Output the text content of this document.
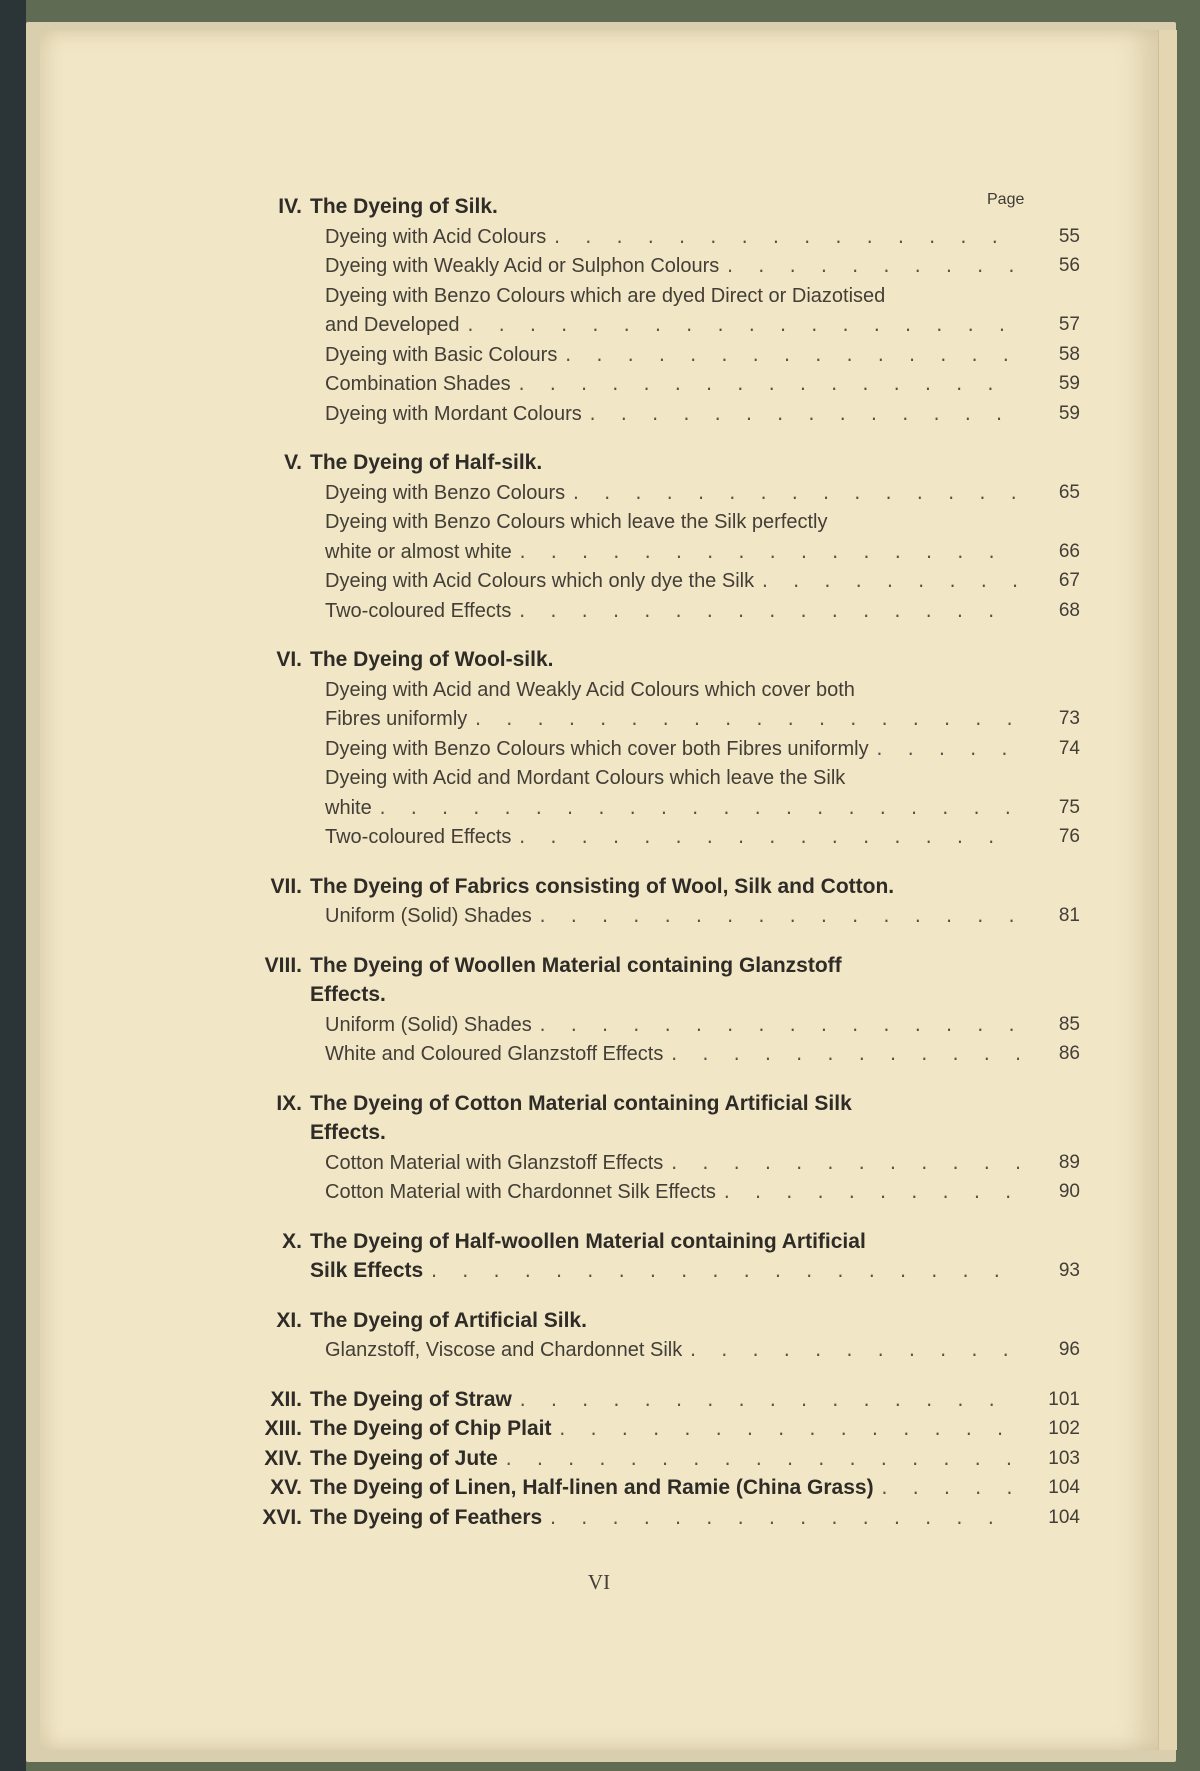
Page
VI
IV. The Dyeing of Silk.
Dyeing with Acid Colours . . .	55
Dyeing with Weakly Acid or Sulphon Colours . . .	56
Dyeing with Benzo Colours which are dyed Direct or Diazotised
and Developed . . .	57
Dyeing with Basic Colours . . .	58
Combination Shades . . .	59
Dyeing with Mordant Colours . . .	59
V. The Dyeing of Half-silk.
Dyeing with Benzo Colours . . .	65
Dyeing with Benzo Colours which leave the Silk perfectly
white or almost white . . .	66
Dyeing with Acid Colours which only dye the Silk . . .	67
Two-coloured Effects . . .	68
VI. The Dyeing of Wool-silk.
Dyeing with Acid and Weakly Acid Colours which cover both
Fibres uniformly . . .	73
Dyeing with Benzo Colours which cover both Fibres uniformly . . .	74
Dyeing with Acid and Mordant Colours which leave the Silk
white . . .	75
Two-coloured Effects . . .	76
VII. The Dyeing of Fabrics consisting of Wool, Silk and Cotton.
Uniform (Solid) Shades . . .	81
VIII. The Dyeing of Woollen Material containing Glanzstoff
Effects.
Uniform (Solid) Shades . . .	85
White and Coloured Glanzstoff Effects . . .	86
IX. The Dyeing of Cotton Material containing Artificial Silk
Effects.
Cotton Material with Glanzstoff Effects . . .	89
Cotton Material with Chardonnet Silk Effects . . .	90
X. The Dyeing of Half-woollen Material containing Artificial
Silk Effects . . .	93
XI. The Dyeing of Artificial Silk.
Glanzstoff, Viscose and Chardonnet Silk . . .	96
XII. The Dyeing of Straw . . .	101
XIII. The Dyeing of Chip Plait . . .	102
XIV. The Dyeing of Jute . . .	103
XV. The Dyeing of Linen, Half-linen and Ramie (China Grass) . . .	104
XVI. The Dyeing of Feathers . . .	104
